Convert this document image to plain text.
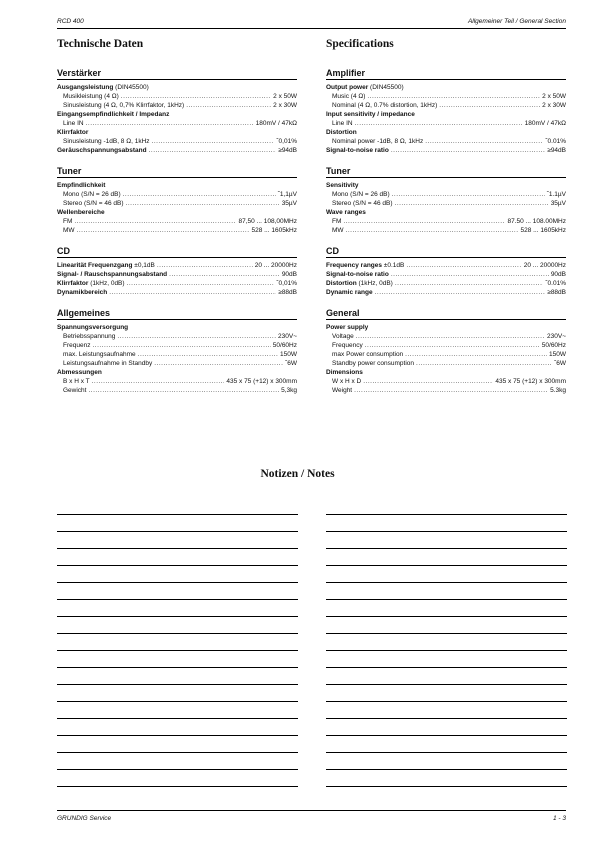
RCD 400	Allgemeiner Teil / General Section
Technische Daten
Verstärker
Ausgangsleistung (DIN45500)
Musikleistung (4 Ω) .....	2 x 50W
Sinusleistung (4 Ω, 0,7% Klirrfaktor, 1kHz) .....	2 x 30W
Eingangsempfindlichkeit / Impedanz
Line IN .....	180mV / 47kΩ
Klirrfaktor
Sinusleistung -1dB, 8 Ω, 1kHz .....	ˇ0,01%
Geräuschspannungsabstand .....	≥94dB
Tuner
Empfindlichkeit
Mono (S/N = 26 dB) .....	ˇ1,1µV
Stereo (S/N = 46 dB) .....	35µV
Wellenbereiche
FM .....	87,50 ... 108,00MHz
MW .....	528 ... 1605kHz
CD
Linearität Frequenzgang ±0,1dB .....	20 ... 20000Hz
Signal- / Rauschspannungsabstand .....	90dB
Klirrfaktor (1kHz, 0dB) .....	ˇ0,01%
Dynamikbereich .....	≥88dB
Allgemeines
Spannungsversorgung
Betriebsspannung .....	230V~
Frequenz .....	50/60Hz
max. Leistungsaufnahme .....	150W
Leistungsaufnahme in Standby .....	ˇ6W
Abmessungen
B x H x T .....	435 x 75 (+12) x 300mm
Gewicht .....	5,3kg
Specifications
Amplifier
Output power (DIN45500)
Music (4 Ω) .....	2 x 50W
Nominal (4 Ω, 0.7% distortion, 1kHz) .....	2 x 30W
Input sensitivity / impedance
Line IN .....	180mV / 47kΩ
Distortion
Nominal power -1dB, 8 Ω, 1kHz .....	ˇ0.01%
Signal-to-noise ratio .....	≥94dB
Tuner
Sensitivity
Mono (S/N = 26 dB) .....	ˇ1.1µV
Stereo (S/N = 46 dB) .....	35µV
Wave ranges
FM .....	87.50 ... 108.00MHz
MW .....	528 ... 1605kHz
CD
Frequency ranges ±0.1dB .....	20 ... 20000Hz
Signal-to-noise ratio .....	90dB
Distortion (1kHz, 0dB) .....	ˇ0.01%
Dynamic range .....	≥88dB
General
Power supply
Voltage .....	230V~
Frequency .....	50/60Hz
max Power consumption .....	150W
Standby power consumption .....	ˇ6W
Dimensions
W x H x D .....	435 x 75 (+12) x 300mm
Weight .....	5.3kg
Notizen / Notes
GRUNDIG Service	1 - 3
